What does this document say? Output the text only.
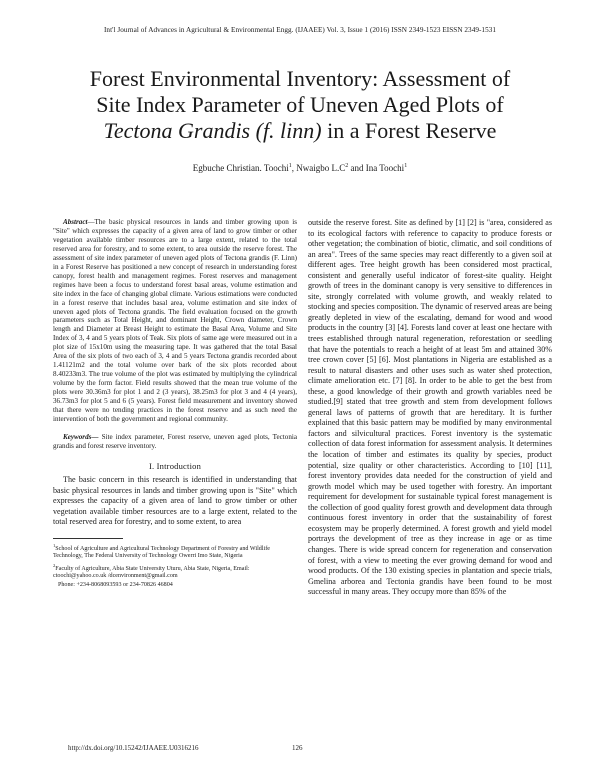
Int'l Journal of Advances in Agricultural & Environmental Engg. (IJAAEE) Vol. 3, Issue 1 (2016) ISSN 2349-1523 EISSN 2349-1531
Forest Environmental Inventory: Assessment of
Site Index Parameter of Uneven Aged Plots of
Tectona Grandis (f. linn) in a Forest Reserve
Egbuche Christian. Toochi$^1$, Nwaigbo $L.C^2$ and Ina Toochi$^1$

Abstract—The basic physical resources in lands and timber growing upon is "Site" which expresses the capacity of a given area of land to grow timber or other vegetation available timber resources are to a large extent, related to the total reserved area for forestry, and to some extent, to area outside the reserve forest. The assessment of site index parameter of uneven aged plots of Tectona grandis (F. Linn) in a Forest Reserve has positioned a new concept of research in understanding forest canopy, forest health and management regimes. Forest reserves and management regimes have been a focus to understand forest basal areas, volume estimation and site index in the face of changing global climate. Various estimations were conducted in a forest reserve that includes basal area, volume estimation and site index of uneven aged plots of Tectona grandis. The field evaluation focused on the growth parameters such as Total Height, and dominant Height, Crown diameter, Crown length and Diameter at Breast Height to estimate the Basal Area, Volume and Site Index of 3, 4 and 5 years plots of Teak. Six plots of same age were measured out in a plot size of 15x10m using the measuring tape. It was gathered that the total Basal Area of the six plots of two each of 3, 4 and 5 years Tectona grandis recorded about 1.41121m2 and the total volume over bark of the six plots recorded about 8.40233m3. The true volume of the plot was estimated by multiplying the cylindrical volume by the form factor. Field results showed that the mean true volume of the plots were 30.36m3 for plot 1 and 2 (3 years), 38.25m3 for plot 3 and 4 (4 years), 36.73m3 for plot 5 and 6 (5 years). Forest field measurement and inventory showed that there were no tending practices in the forest reserve and as such need the intervention of both the government and regional community.

Keywords— Site index parameter, Forest reserve, uneven aged plots, Tectonia grandis and forest reserve inventory.

I. Introduction

The basic concern in this research is identified in understanding that basic physical resources in lands and timber growing upon is "Site" which expresses the capacity of a given area of land to grow timber or other vegetation available timber resources are to a large extent, related to the total reserved area for forestry, and to some extent, to area

$^1$School of Agriculture and Agricultural Technology Department of Forestry and Wildlife Technology, The Federal University of Technology Owerri Imo State, Nigeria

$^2$Faculty of Agriculture, Abia State University Uturu, Abia State, Nigeria, Email: ctoochi@yahoo.co.uk /dcenvironment@gmail.com

Phone: +234-8068093593 or 234-70826 46804

outside the reserve forest. Site as defined by [1] [2] is "area, considered as to its ecological factors with reference to capacity to produce forests or other vegetation; the combination of biotic, climatic, and soil conditions of an area". Trees of the same species may react differently to a given soil at different ages. Tree height growth has been considered most practical, consistent and generally useful indicator of forest-site quality. Height growth of trees in the dominant canopy is very sensitive to differences in site, strongly correlated with volume growth, and weakly related to stocking and species composition. The dynamic of reserved areas are being greatly depleted in view of the escalating, demand for wood and wood products in the country [3] [4]. Forests land cover at least one hectare with trees established through natural regeneration, reforestation or seedling that have the potentials to reach a height of at least 5m and attained 30% tree crown cover [5] [6]. Most plantations in Nigeria are established as a result to natural disasters and other uses such as water shed protection, climate amelioration etc. [7] [8]. In order to be able to get the best from these, a good knowledge of their growth and growth variables need be studied.[9] stated that tree growth and stem from development follows general laws of patterns of growth that are hereditary. It is further explained that this basic pattern may be modified by many environmental factors and silvicultural practices. Forest inventory is the systematic collection of data forest information for assessment analysis. It determines the location of timber and estimates its quality by species, product potential, size quality or other characteristics. According to [10] [11], forest inventory provides data needed for the construction of yield and growth model which may be used together with forestry. An important requirement for development for sustainable typical forest management is the collection of good quality forest growth and development data through continuous forest inventory in order that the sustainability of forest ecosystem may be properly determined. A forest growth and yield model portrays the development of tree as they increase in age or as time changes. There is wide spread concern for regeneration and conservation of forest, with a view to meeting the ever growing demand for wood and wood products. Of the 130 existing species in plantation and specie trials, Gmelina arborea and Tectonia grandis have been found to be most successful in many areas. They occupy more than 85% of the

http://dx.doi.org/10.15242/IJAAEE.U0316216	126
